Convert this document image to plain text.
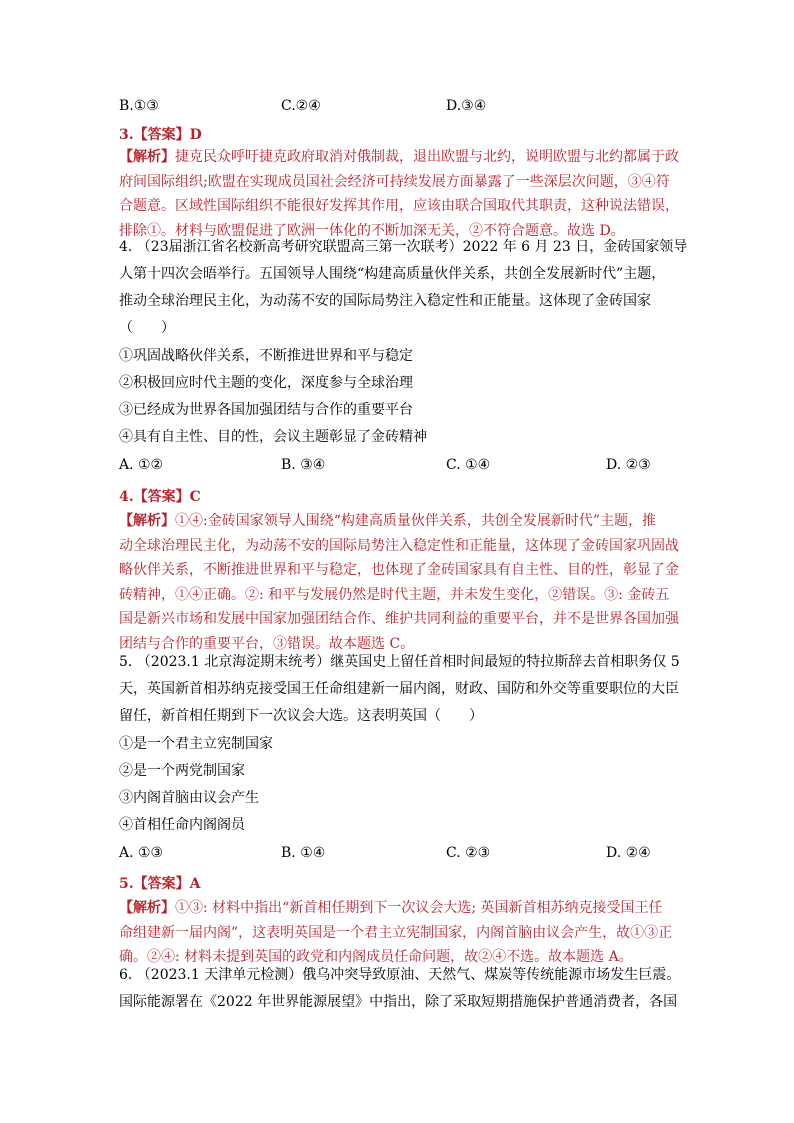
B.①③	C.②④	D.③④
3.【答案】D

【解析】捷克民众呼吁捷克政府取消对俄制裁，退出欧盟与北约，说明欧盟与北约都属于政

府间国际组织;欧盟在实现成员国社会经济可持续发展方面暴露了一些深层次问题，③④符

合题意。区域性国际组织不能很好发挥其作用，应该由联合国取代其职责，这种说法错误，

排除①。材料与欧盟促进了欧洲一体化的不断加深无关，②不符合题意。故选 D。

4. （23届浙江省名校新高考研究联盟高三第一次联考）2022 年 6 月 23 日，金砖国家领导

人第十四次会晤举行。五国领导人围绕“构建高质量伙伴关系，共创全发展新时代”主题，

推动全球治理民主化，为动荡不安的国际局势注入稳定性和正能量。这体现了金砖国家

（　　）

①巩固战略伙伴关系，不断推进世界和平与稳定
②积极回应时代主题的变化，深度参与全球治理
③已经成为世界各国加强团结与合作的重要平台
④具有自主性、目的性，会议主题彰显了金砖精神
A. ①②	B. ③④	C. ①④	D. ②③
4.【答案】C

【解析】①④:金砖国家领导人围绕“构建高质量伙伴关系，共创全发展新时代”主题，推

动全球治理民主化，为动荡不安的国际局势注入稳定性和正能量，这体现了金砖国家巩固战

略伙伴关系，不断推进世界和平与稳定，也体现了金砖国家具有自主性、目的性，彰显了金

砖精神，①④正确。②: 和平与发展仍然是时代主题，并未发生变化，②错误。③: 金砖五

国是新兴市场和发展中国家加强团结合作、维护共同利益的重要平台，并不是世界各国加强

团结与合作的重要平台，③错误。故本题选 C。

5. （2023.1 北京海淀期末统考）继英国史上留任首相时间最短的特拉斯辞去首相职务仅 5

天，英国新首相苏纳克接受国王任命组建新一届内阁，财政、国防和外交等重要职位的大臣

留任，新首相任期到下一次议会大选。这表明英国（　　）

①是一个君主立宪制国家
②是一个两党制国家
③内阁首脑由议会产生
④首相任命内阁阁员
A. ①③	B. ①④	C. ②③	D. ②④
5.【答案】A

【解析】①③: 材料中指出“新首相任期到下一次议会大选; 英国新首相苏纳克接受国王任

命组建新一届内阁”，这表明英国是一个君主立宪制国家，内阁首脑由议会产生，故①③正

确。②④: 材料未提到英国的政党和内阁成员任命问题，故②④不选。故本题选 A。

6. （2023.1 天津单元检测）俄乌冲突导致原油、天然气、煤炭等传统能源市场发生巨震。

国际能源署在《2022 年世界能源展望》中指出，除了采取短期措施保护普通消费者，各国
